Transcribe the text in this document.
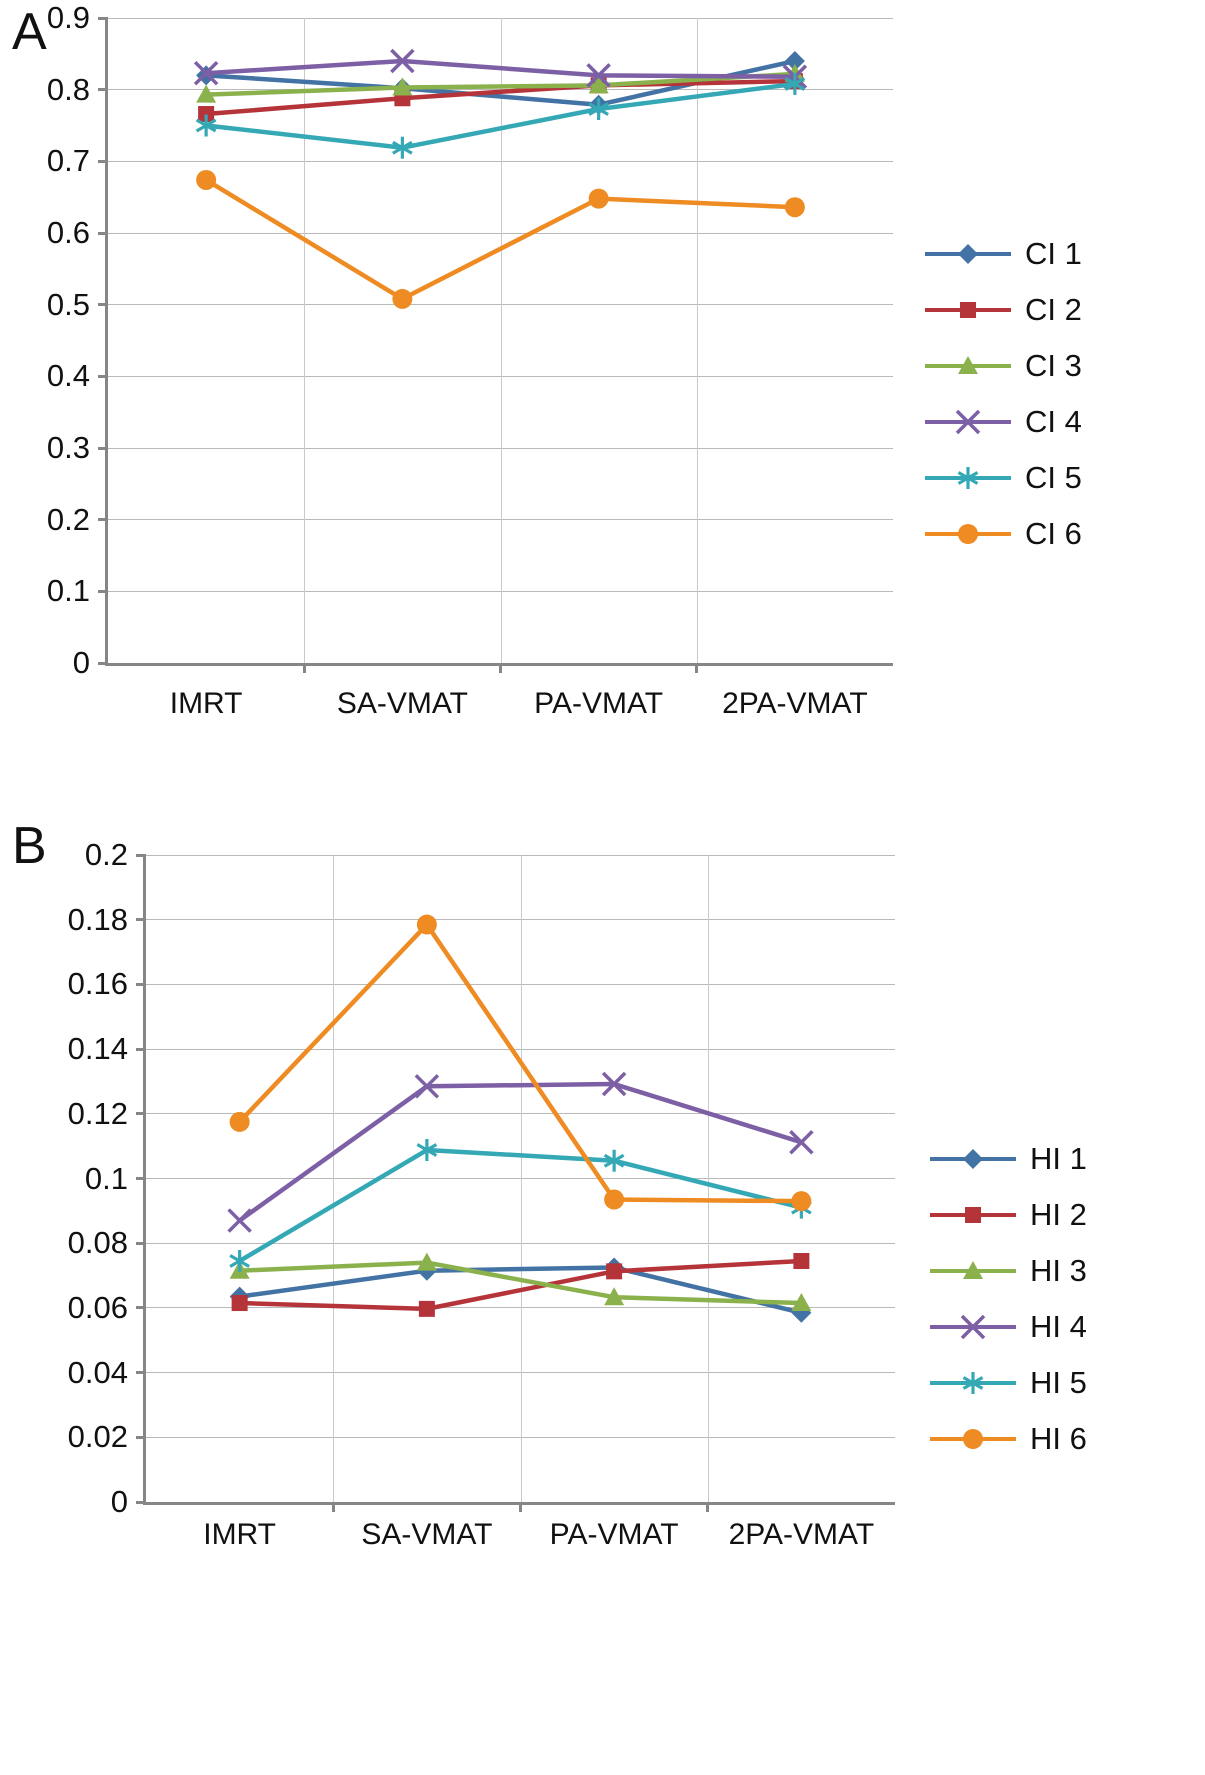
A
0
0.1
0.2
0.3
0.4
0.5
0.6
0.7
0.8
0.9
IMRT	SA-VMAT	PA-VMAT	2PA-VMAT
CI 1
CI 2
CI 3
CI 4
CI 5
CI 6
B
0
0.02
0.04
0.06
0.08
0.1
0.12
0.14
0.16
0.18
0.2
IMRT	SA-VMAT	PA-VMAT	2PA-VMAT
HI 1
HI 2
HI 3
HI 4
HI 5
HI 6
